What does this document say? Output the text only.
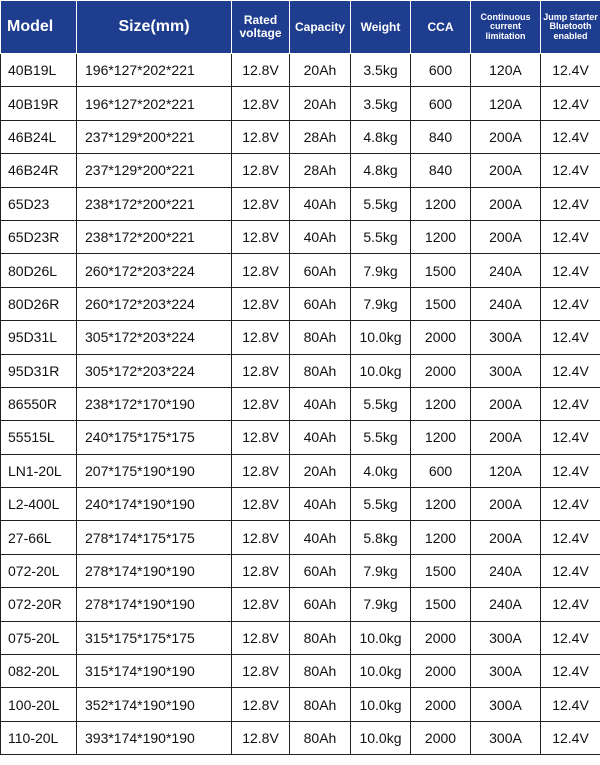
Model	Size(mm)	Rated voltage	Capacity	Weight	CCA	Continuous current limitation	Jump starter Bluetooth enabled
40B19L	196*127*202*221	12.8V	20Ah	3.5kg	600	120A	12.4V
40B19R	196*127*202*221	12.8V	20Ah	3.5kg	600	120A	12.4V
46B24L	237*129*200*221	12.8V	28Ah	4.8kg	840	200A	12.4V
46B24R	237*129*200*221	12.8V	28Ah	4.8kg	840	200A	12.4V
65D23	238*172*200*221	12.8V	40Ah	5.5kg	1200	200A	12.4V
65D23R	238*172*200*221	12.8V	40Ah	5.5kg	1200	200A	12.4V
80D26L	260*172*203*224	12.8V	60Ah	7.9kg	1500	240A	12.4V
80D26R	260*172*203*224	12.8V	60Ah	7.9kg	1500	240A	12.4V
95D31L	305*172*203*224	12.8V	80Ah	10.0kg	2000	300A	12.4V
95D31R	305*172*203*224	12.8V	80Ah	10.0kg	2000	300A	12.4V
86550R	238*172*170*190	12.8V	40Ah	5.5kg	1200	200A	12.4V
55515L	240*175*175*175	12.8V	40Ah	5.5kg	1200	200A	12.4V
LN1-20L	207*175*190*190	12.8V	20Ah	4.0kg	600	120A	12.4V
L2-400L	240*174*190*190	12.8V	40Ah	5.5kg	1200	200A	12.4V
27-66L	278*174*175*175	12.8V	40Ah	5.8kg	1200	200A	12.4V
072-20L	278*174*190*190	12.8V	60Ah	7.9kg	1500	240A	12.4V
072-20R	278*174*190*190	12.8V	60Ah	7.9kg	1500	240A	12.4V
075-20L	315*175*175*175	12.8V	80Ah	10.0kg	2000	300A	12.4V
082-20L	315*174*190*190	12.8V	80Ah	10.0kg	2000	300A	12.4V
100-20L	352*174*190*190	12.8V	80Ah	10.0kg	2000	300A	12.4V
110-20L	393*174*190*190	12.8V	80Ah	10.0kg	2000	300A	12.4V
